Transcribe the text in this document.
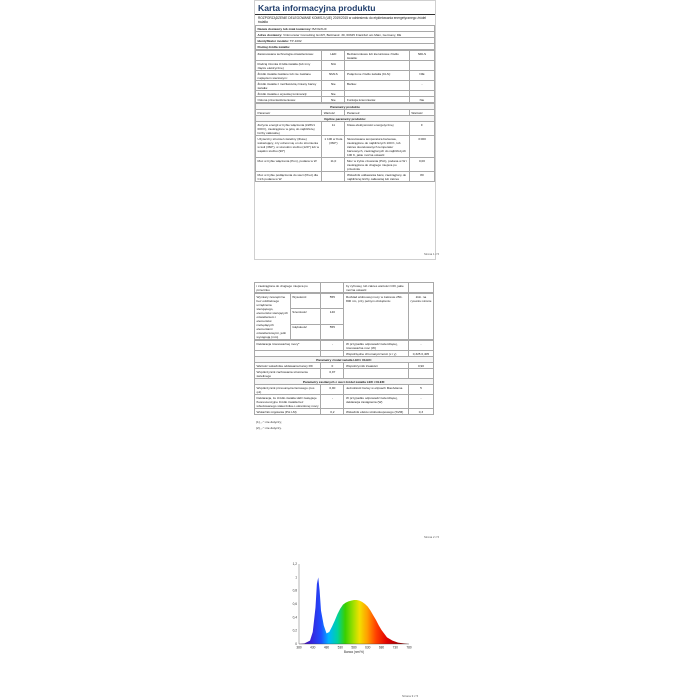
Karta informacyjna produktu
ROZPORZĄDZENIE DELEGOWANE KOMISJI (UE) 2019/2015 w odniesieniu do etykietowania energetycznego źródeł światła
Nazwa dostawcy lub znak towarowy: BAYEXLIF
Adres dostawcy: Vintmunster Consulting GmbH, Bettinastr. 30, 60325 Frankfurt am Main, Germany, DE
Identyfikator modelu: TP-1002
Rodzaj źródła światła:
Zastosowana technologia oświetleniowa:	LED	Bezkierunkowe lub kierunkowe źródło światła:	NDLS
Rodzaj trzonka źródła światła (lub inny złącze elektryczne)	N/A		
Źródło światła zasilane lub nie zasilane napięciem sieciowym:	NMLS	Połączone źródło światła (CLS):	NIE
Źródło światła z możliwością zmiany barwy światła:	Nie	Bańka:	-
Źródło światła o wysokiej luminancji:	Nie		
Osłona przeciwolśnieniowa:	Nie	Funkcja ściemniania:	Nie
Parametry produktu			
Parametr	Wartość	Parametr	Wartość
Ogólne parametry produktu:			
Zużycie energii w trybie włączenia (kWh/1 000 h), zaokrąglone w górę do najbliższej liczby całkowitej	11	Klasa efektywności energetycznej	F
Użyteczny strumień świetlny (Φuse) wskazujący, czy odnosi się on do strumienia w kuli (360°), w szerokim stożku (120°) lub w wąskim stożku (90°)	1 100 w Kula (360°)	Skorelowana temperatura barwowa, zaokrąglone do najbliższych 100 K, lub zakres skorelowanych temperatur barwowych, zaokrąglonych do najbliższych 100 K, jakie można ustawić	3 000
Moc w trybie włączenia (Pon), podana w W	11,0	Moc w trybie czuwania (Psb), podana w W i zaokrąglona do drugiego miejsca po przecinku	0,00
Moc w trybie podłączenia do sieci (Pnet) dla CLS podana w W		Wskaźnik oddawania barw, zaokrąglony do najbliższej liczby całkowitej lub zakres	80
Strona 1 z 5
i zaokrąglona do drugiego miejsca po przecinku		by cyfrowej, lub zakres wartości CRI, jakie można ustawić	
Wymiary zewnętrzne bez oddzielnego urządzenia sterującego, elementów sterujących oświetleniem i elementów niebędących elementami oświetleniowymi, jeśli występują (mm)	Wysokość	555	Rozkład widmowej mocy w zakresie 250-800 nm, przy pełnym obciążeniu	Zob. na rysunku stronie
	Szerokość	140		
	Głębokość	555		
Deklaracja równoważnej mocy*	-	W przypadku odpowiedzi twierdzącej, równoważna moc (W)	-
		Współrzędne chromatyczności (x i y)	0,325 0,405
Parametry źródeł światła LED i OLED:			
Wartość wskaźnika oddawania barwy R9	0	Współczynnik trwałości	0,90
Współczynnik zachowania strumienia świetlnego	0,97		
Parametry zasilanych z sieci źródeł światła LED i OLED:			
Współczynnik przesunięcia fazowego (cos φ1)	0,90	Jednolitość barwy w elipsach MacAdama	5
Deklaracja, że źródło światła LED zastępuje fluorescencyjne źródło światła bez wbudowanego statecznika o określonej mocy	-	W przypadku odpowiedzi twierdzącej, deklaracja zastąpienia (W)	-
Wskaźnik migotania (Pst LM)	0,2	Wskaźnik efektu stroboskopowego (SVM)	0,3
(1) „-": nie dotyczy;
(2) „-": nie dotyczy.
Strona 2 z 5
0
0,2
0,4
0,6
0,8
1
1,2
380	430	480	530	580	630	680	730	780
Barwa (nm/%)
Strona 3 z 5
